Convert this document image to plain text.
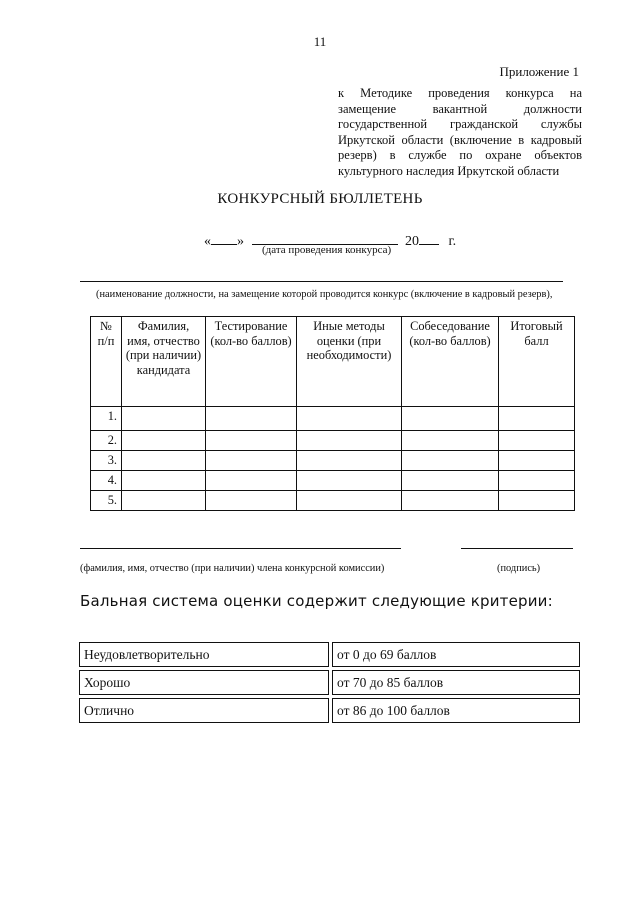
11
Приложение 1
к Методике проведения конкурса на замещение вакантной должности государственной гражданской службы Иркутской области (включение в кадровый резерв) в службе по охране объектов культурного наследия Иркутской области
КОНКУРСНЫЙ БЮЛЛЕТЕНЬ
« »	20 г.
(дата проведения конкурса)
(наименование должности, на замещение которой проводится конкурс (включение в кадровый резерв),
№ п/п	Фамилия, имя, отчество (при наличии) кандидата	Тестирование (кол-во баллов)	Иные методы оценки (при необходимости)	Собеседование (кол-во баллов)	Итоговый балл
1.					
2.					
3.					
4.					
5.					
(фамилия, имя, отчество (при наличии) члена конкурсной комиссии)	(подпись)
Бальная система оценки содержит следующие критерии:
Неудовлетворительно	от 0 до 69 баллов
Хорошо	от 70 до 85 баллов
Отлично	от 86 до 100 баллов
